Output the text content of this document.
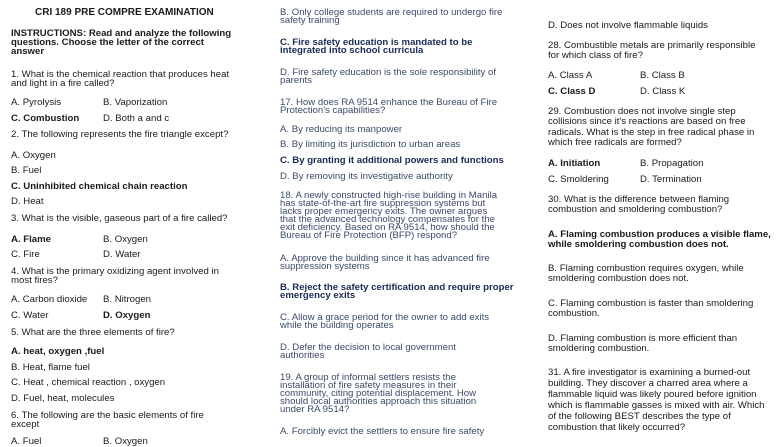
CRI 189 PRE COMPRE EXAMINATION
INSTRUCTIONS: Read and analyze the following
questions. Choose the letter of the correct
answer
1. What is the chemical reaction that produces heat
and light in a fire called?
A. Pyrolysis	B. Vaporization
C. Combustion D. Both a and c
2. The following represents the fire triangle except?
A. Oxygen
B. Fuel
C. Uninhibited chemical chain reaction
D. Heat
3. What is the visible, gaseous part of a fire called?
A. Flame	B. Oxygen
C. Fire	D. Water
4. What is the primary oxidizing agent involved in
most fires?
A. Carbon dioxide B. Nitrogen
C. Water	D. Oxygen
5. What are the three elements of fire?
A. heat, oxygen ,fuel
B. Heat, flame fuel
C. Heat , chemical reaction , oxygen
D. Fuel, heat, molecules
6. The following are the basic elements of fire
except
A. Fuel	B. Oxygen
B. Only college students are required to undergo fire
safety training
C. Fire safety education is mandated to be
integrated into school curricula
D. Fire safety education is the sole responsibility of
parents
17. How does RA 9514 enhance the Bureau of Fire
Protection's capabilities?
A. By reducing its manpower
B. By limiting its jurisdiction to urban areas
C. By granting it additional powers and functions
D. By removing its investigative authority
18. A newly constructed high-rise building in Manila
has state-of-the-art fire suppression systems but
lacks proper emergency exits. The owner argues
that the advanced technology compensates for the
exit deficiency. Based on RA 9514, how should the
Bureau of Fire Protection (BFP) respond?
A. Approve the building since it has advanced fire
suppression systems
B. Reject the safety certification and require proper
emergency exits
C. Allow a grace period for the owner to add exits
while the building operates
D. Defer the decision to local government
authorities
19. A group of informal settlers resists the
installation of fire safety measures in their
community, citing potential displacement. How
should local authorities approach this situation
under RA 9514?
A. Forcibly evict the settlers to ensure fire safety
D. Does not involve flammable liquids
28. Combustible metals are primarily responsible
for which class of fire?
A. Class A	B. Class B
C. Class D	D. Class K
29. Combustion does not involve single step
collisions since it's reactions are based on free
radicals. What is the step in free radical phase in
which free radicals are formed?
A. Initiation	B. Propagation
C. Smoldering	D. Termination
30. What is the difference between flaming
combustion and smoldering combustion?
A. Flaming combustion produces a visible flame,
while smoldering combustion does not.
B. Flaming combustion requires oxygen, while
smoldering combustion does not.
C. Flaming combustion is faster than smoldering
combustion.
D. Flaming combustion is more efficient than
smoldering combustion.
31. A fire investigator is examining a burned-out
building. They discover a charred area where a
flammable liquid was likely poured before ignition
which is flammable gasses is mixed with air. Which
of the following BEST describes the type of
combustion that likely occurred?
